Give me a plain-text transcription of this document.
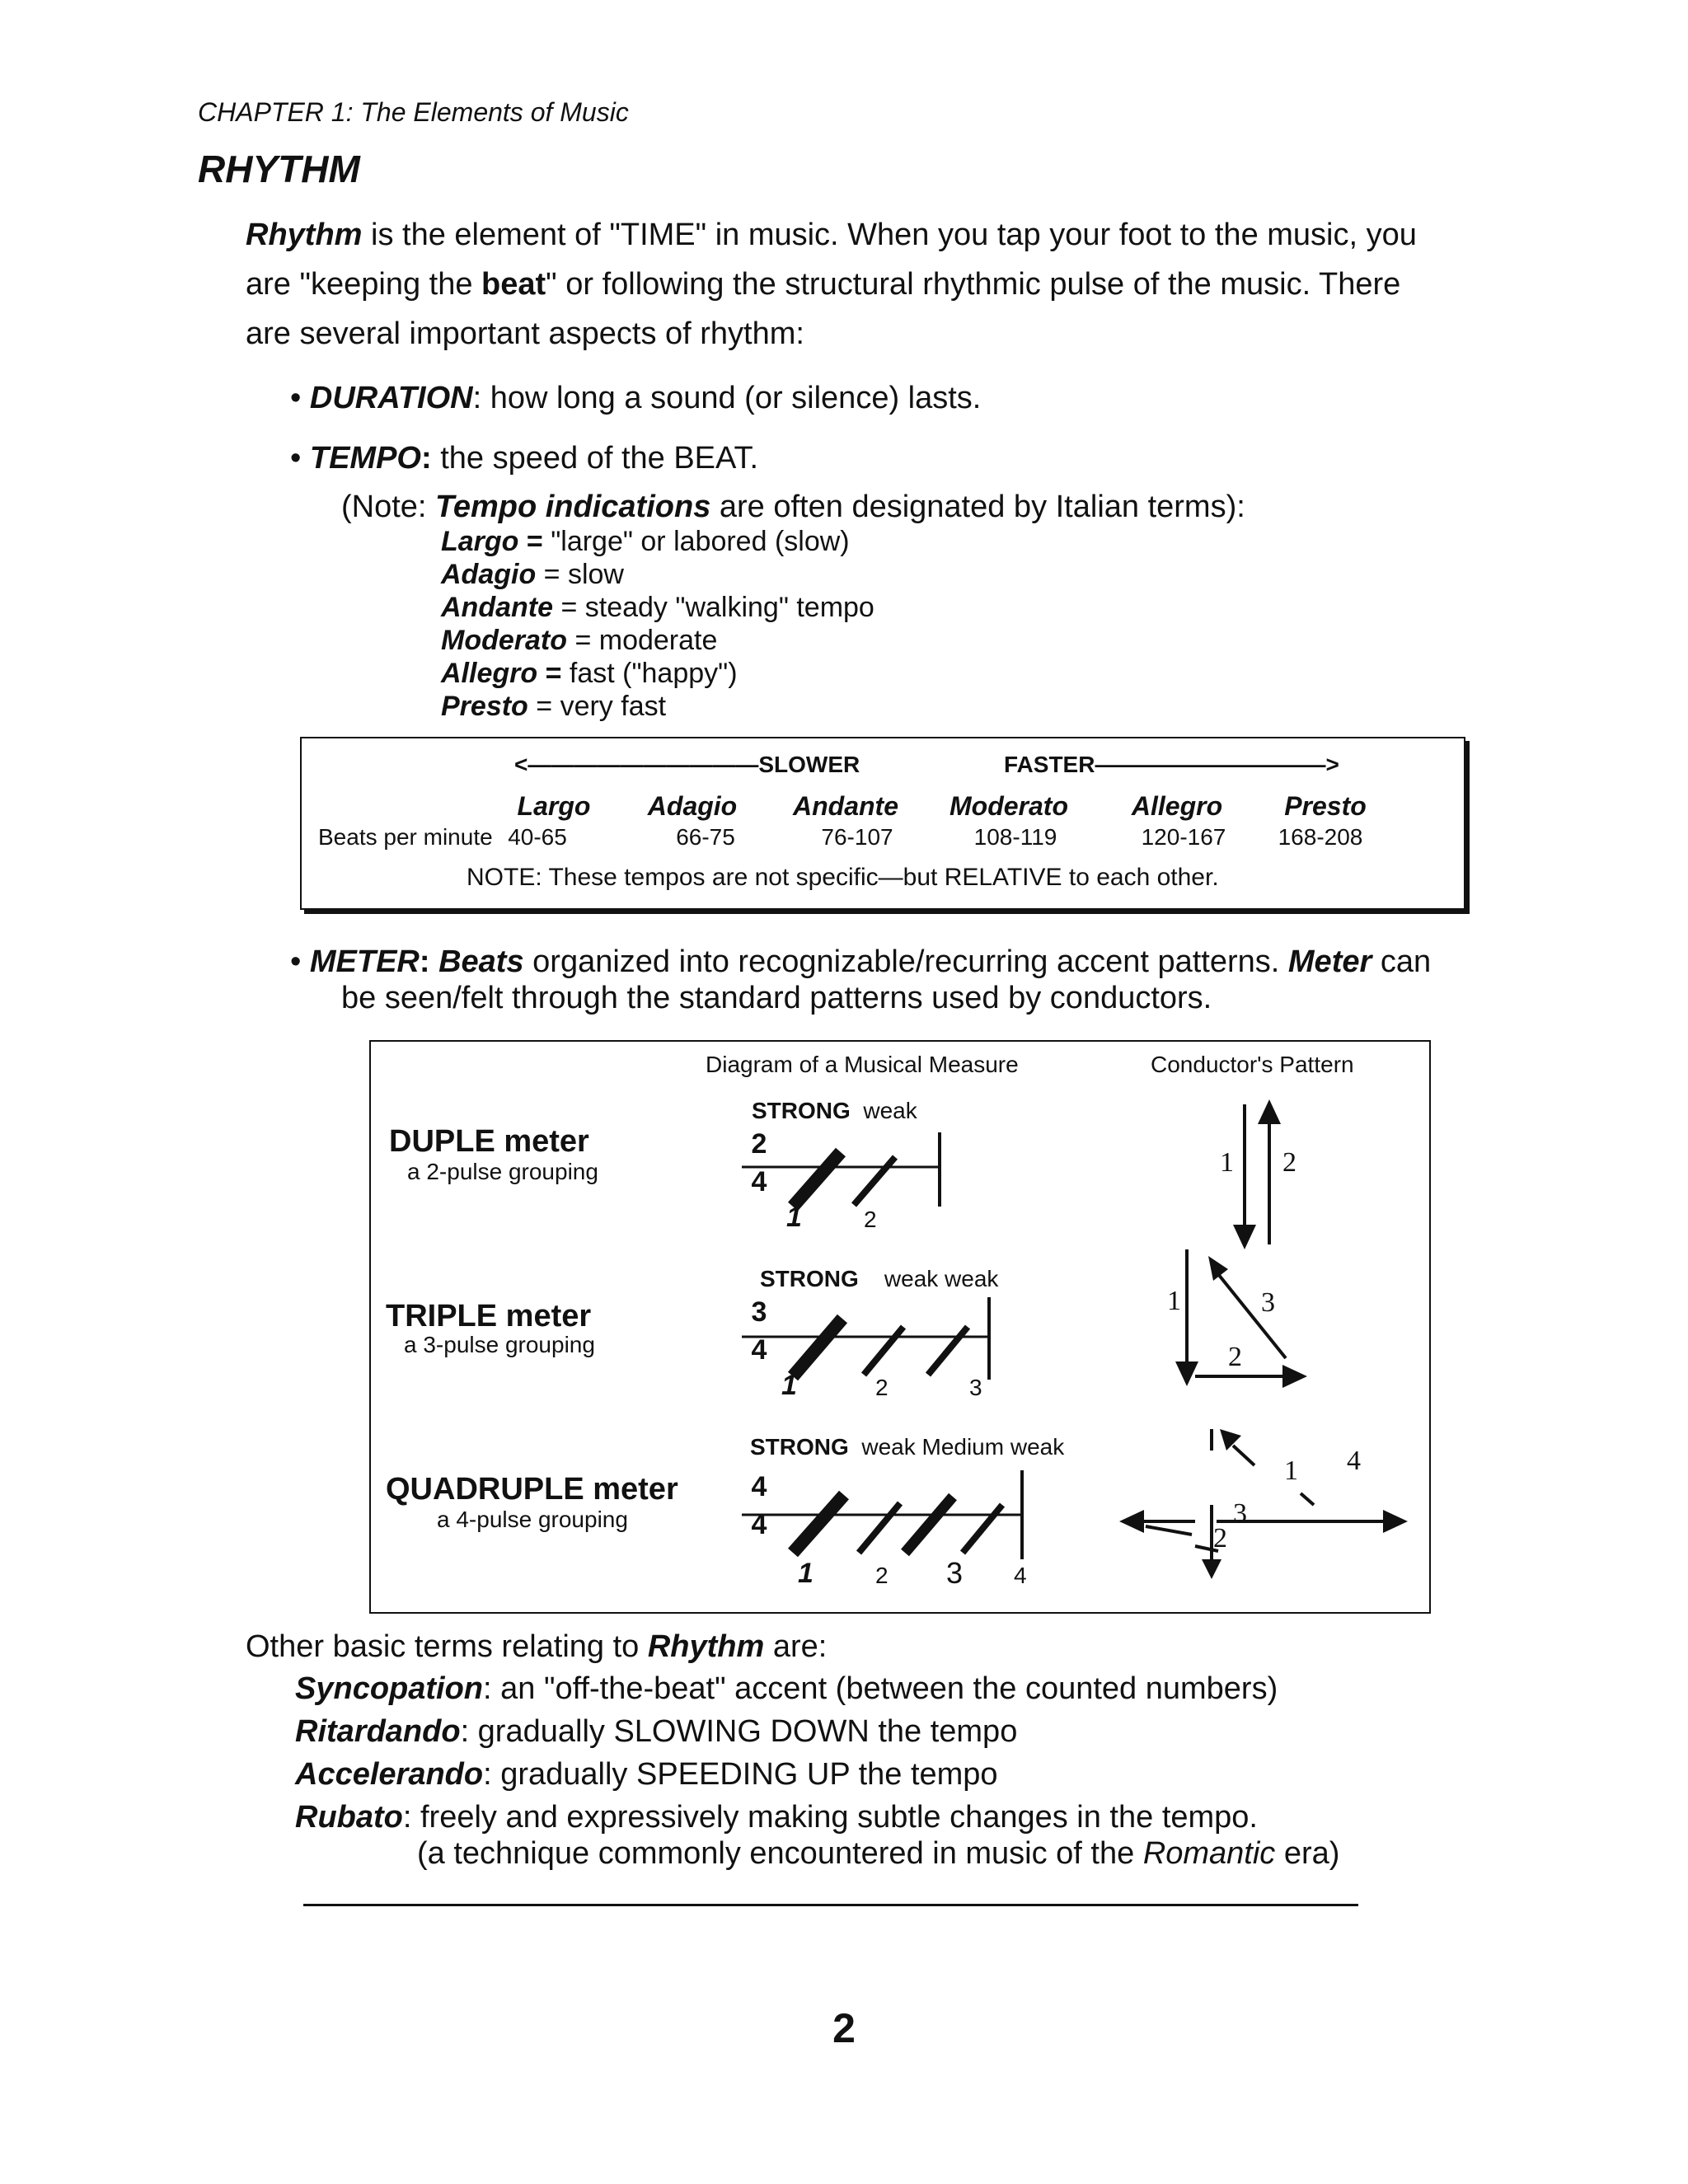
CHAPTER 1: The Elements of Music
RHYTHM
Rhythm is the element of "TIME" in music. When you tap your foot to the music, you
are "keeping the beat" or following the structural rhythmic pulse of the music. There
are several important aspects of rhythm:
• DURATION: how long a sound (or silence) lasts.
• TEMPO: the speed of the BEAT.
(Note: Tempo indications are often designated by Italian terms):
Largo = "large" or labored (slow)
Adagio = slow
Andante = steady "walking" tempo
Moderato = moderate
Allegro = fast ("happy")
Presto = very fast
<——————————SLOWER	FASTER——————————>
Largo	Adagio	Andante	Moderato	Allegro	Presto
Beats per minute 40-65	66-75	76-107	108-119	120-167	168-208
NOTE: These tempos are not specific—but RELATIVE to each other.
• METER: Beats organized into recognizable/recurring accent patterns. Meter can
be seen/felt through the standard patterns used by conductors.
Diagram of a Musical Measure	Conductor's Pattern
DUPLE meter
a 2-pulse grouping
STRONG weak
2
4
1	2
1 2
TRIPLE meter
a 3-pulse grouping
STRONG weak weak
3
4
1	2	3
1
2
3
QUADRUPLE meter
a 4-pulse grouping
STRONG weak Medium weak
4
4
1	2 3 4
1
2
3
4
Other basic terms relating to Rhythm are:
Syncopation: an "off-the-beat" accent (between the counted numbers)
Ritardando: gradually SLOWING DOWN the tempo
Accelerando: gradually SPEEDING UP the tempo
Rubato: freely and expressively making subtle changes in the tempo.
(a technique commonly encountered in music of the Romantic era)
2
